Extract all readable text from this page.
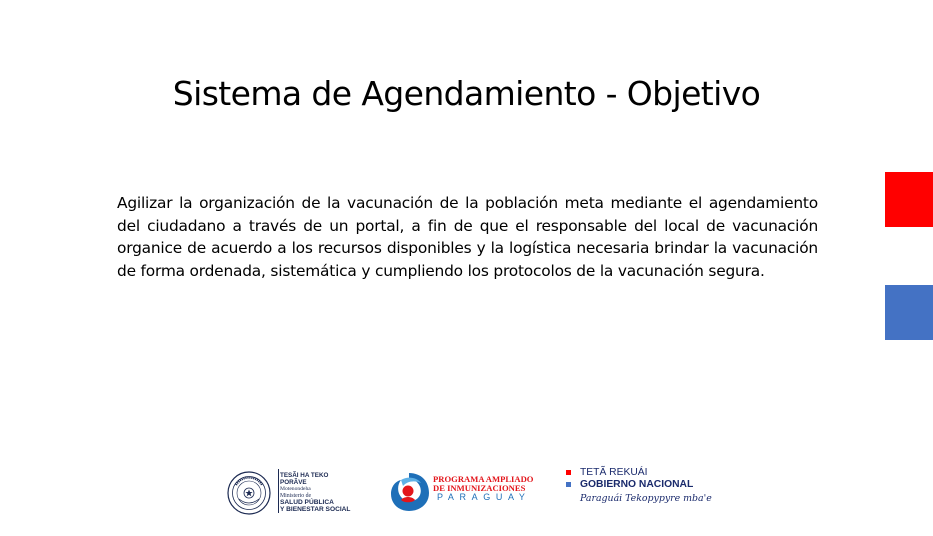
Sistema de Agendamiento - Objetivo

Agilizar la organización de la vacunación de la población meta mediante el agendamiento del ciudadano a través de un portal, a fin de que el responsable del local de vacunación organice de acuerdo a los recursos disponibles y la logística necesaria brindar la vacunación de forma ordenada, sistemática y cumpliendo los protocolos de la vacunación segura.

TESÃI HA TEKO
PORÃVE
Motenondeha
Ministerio de
SALUD PÚBLICA
Y BIENESTAR SOCIAL
PROGRAMA AMPLIADO
DE INMUNIZACIONES
PARAGUAY
TETÃ REKUÁI
GOBIERNO NACIONAL
Paraguái Tekopypyre mba'e
